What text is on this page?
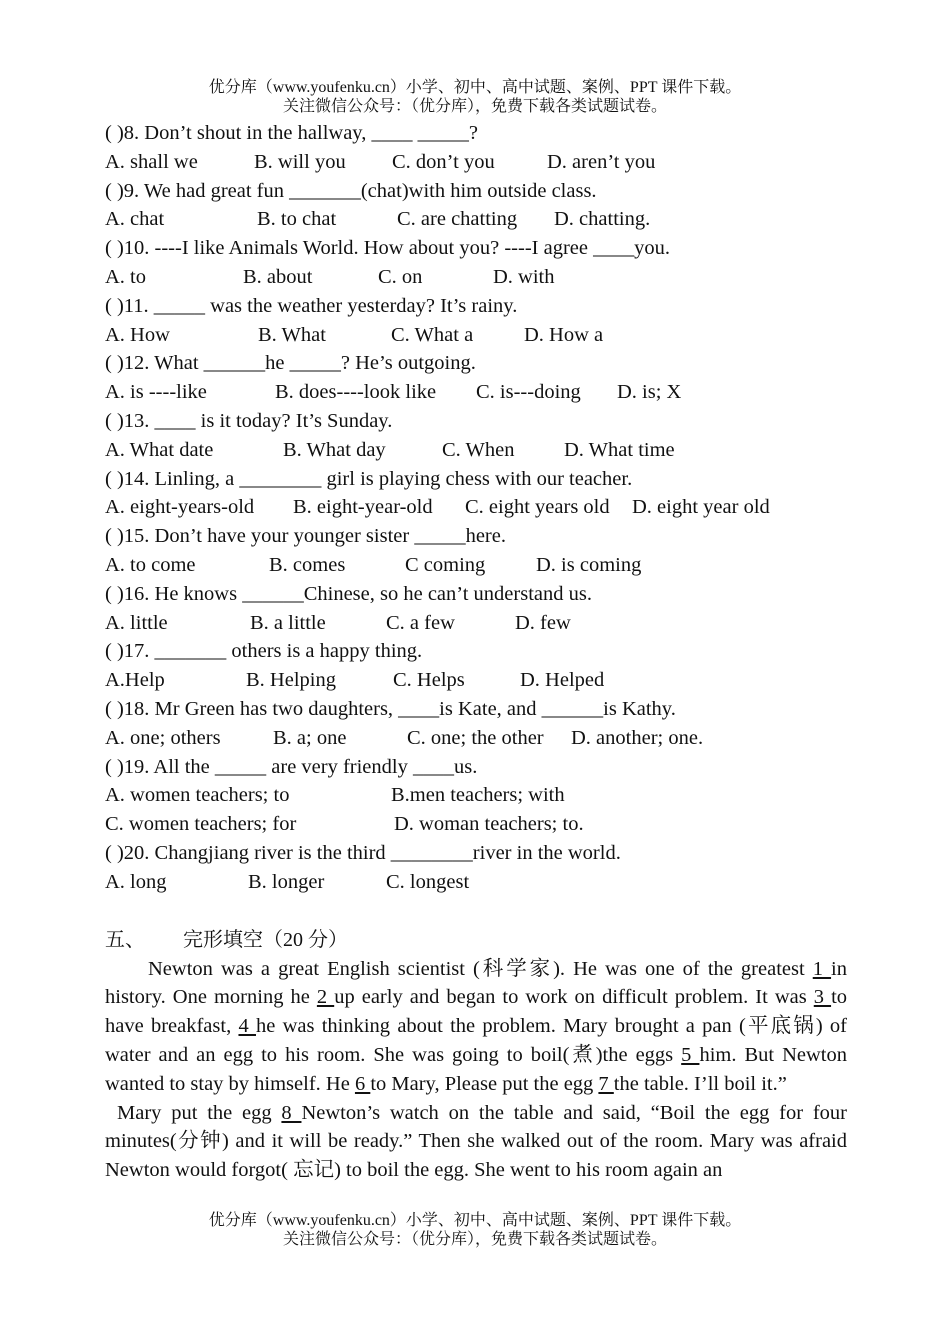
优分库（www.youfenku.cn）小学、初中、高中试题、案例、PPT 课件下载。
关注微信公众号：（优分库），免费下载各类试题试卷。
( )8. Don’t shout in the hallway, ____ _____?
A. shall we	B. will you C. don’t you	D. aren’t you
( )9. We had great fun _______(chat)with him outside class.
A. chat	B. to chat	C. are chatting D. chatting.
( )10. ----I like Animals World. How about you? ----I agree ____you.
A. to	B. about	C. on	D. with
( )11. _____ was the weather yesterday? It’s rainy.
A. How	B. What	C. What a D. How a
( )12. What ______he _____? He’s outgoing.
A. is ----like	B. does----look like C. is---doing D. is; X
( )13. ____ is it today? It’s Sunday.
A. What date	B. What day	C. When D. What time
( )14. Linling, a ________ girl is playing chess with our teacher.
A. eight-years-old B. eight-year-old C. eight years old D. eight year old
( )15. Don’t have your younger sister _____here.
A. to come	B. comes	C coming D. is coming
( )16. He knows ______Chinese, so he can’t understand us.
A. little	B. a little	C. a few	D. few
( )17. _______ others is a happy thing.
A.Help	B. Helping	C. Helps	D. Helped
( )18. Mr Green has two daughters, ____is Kate, and ______is Kathy.
A. one; others	B. a; one	C. one; the other D. another; one.
( )19. All the _____ are very friendly ____us.
A. women teachers; to	B.men teachers; with
C. women teachers; for	D. woman teachers; to.
( )20. Changjiang river is the third ________river in the world.
A. long	B. longer	C. longest
五、 完形填空（20 分）
Newton was a great English scientist (科学家). He was one of the greatest 1 in history. One morning he 2 up early and began to work on difficult problem. It was 3 to have breakfast, 4 he was thinking about the problem. Mary brought a pan (平底锅) of water and an egg to his room. She was going to boil(煮)the eggs 5 him. But Newton wanted to stay by himself. He 6 to Mary, Please put the egg 7 the table. I’ll boil it.”
Mary put the egg 8 Newton’s watch on the table and said, “Boil the egg for four minutes(分钟) and it will be ready.” Then she walked out of the room. Mary was afraid Newton would forgot( 忘记) to boil the egg. She went to his room again an
优分库（www.youfenku.cn）小学、初中、高中试题、案例、PPT 课件下载。
关注微信公众号：（优分库），免费下载各类试题试卷。
